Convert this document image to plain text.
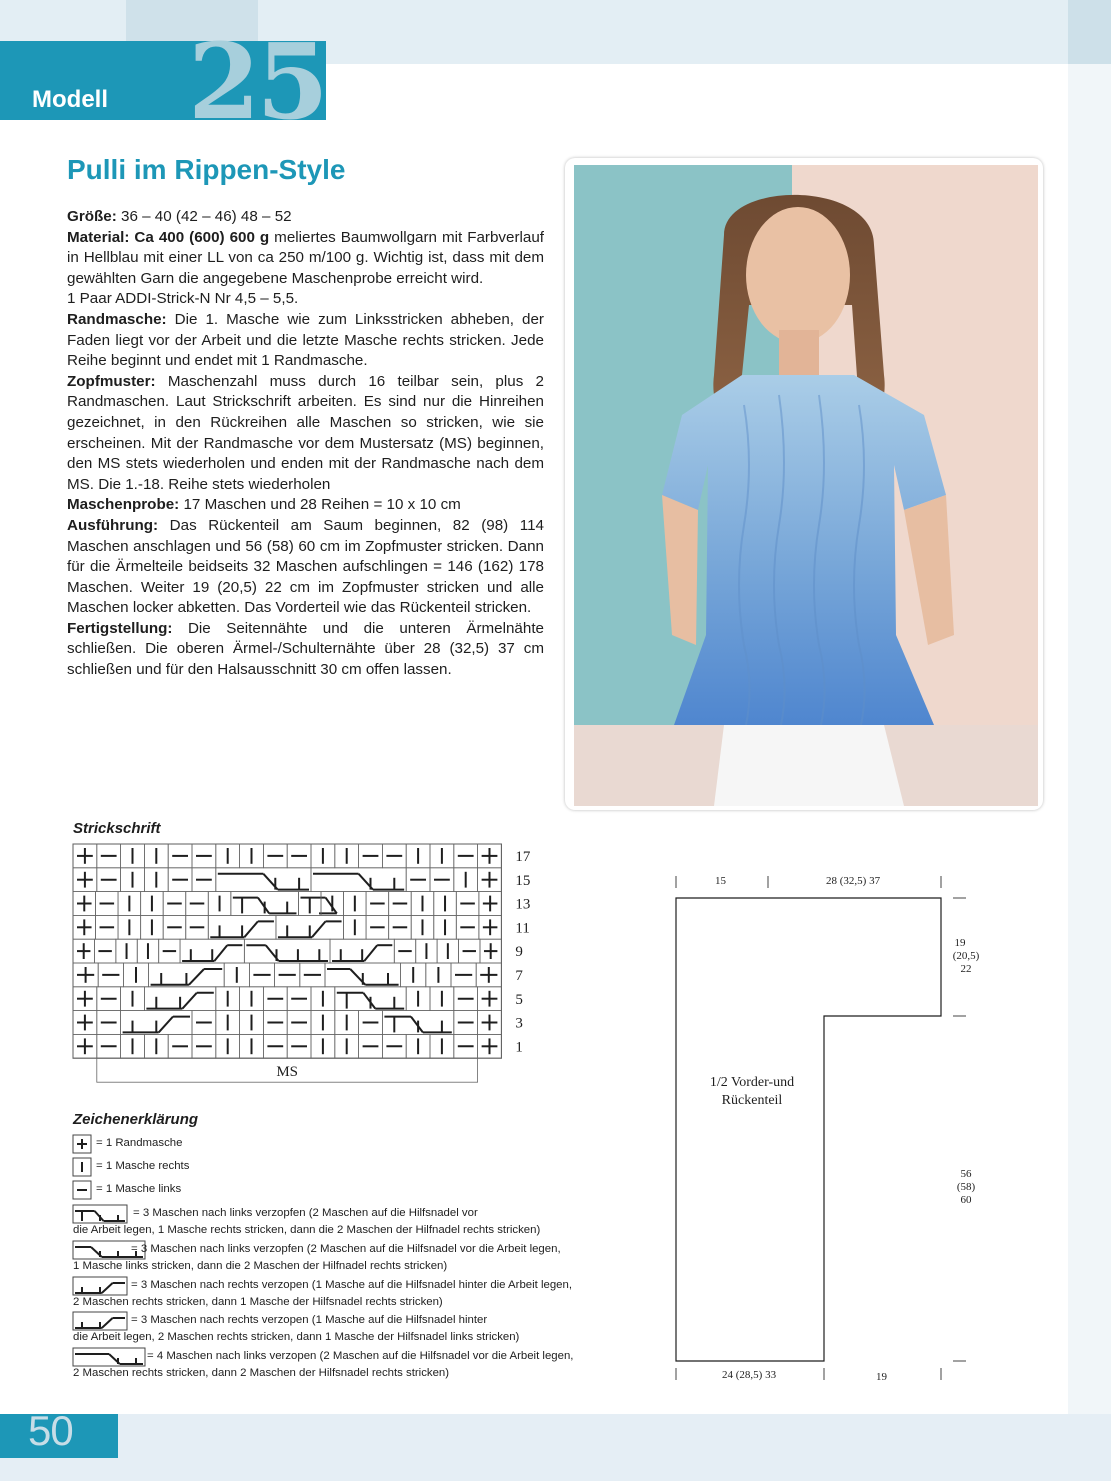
Modell 25
Pulli im Rippen-Style

Größe: 36 – 40 (42 – 46) 48 – 52

Material: Ca 400 (600) 600 g meliertes Baumwollgarn mit Farbverlauf in Hellblau mit einer LL von ca 250 m/100 g. Wichtig ist, dass mit dem gewählten Garn die angegebene Maschenprobe erreicht wird.

1 Paar ADDI-Strick-N Nr 4,5 – 5,5.

Randmasche: Die 1. Masche wie zum Linksstricken abheben, der Faden liegt vor der Arbeit und die letzte Masche rechts stricken. Jede Reihe beginnt und endet mit 1 Randmasche.

Zopfmuster: Maschenzahl muss durch 16 teilbar sein, plus 2 Randmaschen. Laut Strickschrift arbeiten. Es sind nur die Hinreihen gezeichnet, in den Rückreihen alle Maschen so stricken, wie sie erscheinen. Mit der Randmasche vor dem Mustersatz (MS) beginnen, den MS stets wiederholen und enden mit der Randmasche nach dem MS. Die 1.-18. Reihe stets wiederholen

Maschenprobe: 17 Maschen und 28 Reihen = 10 x 10 cm

Ausführung: Das Rückenteil am Saum beginnen, 82 (98) 114 Maschen anschlagen und 56 (58) 60 cm im Zopfmuster stricken. Dann für die Ärmelteile beidseits 32 Maschen aufschlingen = 146 (162) 178 Maschen. Weiter 19 (20,5) 22 cm im Zopfmuster stricken und alle Maschen locker abketten. Das Vorderteil wie das Rückenteil stricken.

Fertigstellung: Die Seitennähte und die unteren Ärmelnähte schließen. Die oberen Ärmel-/Schulternähte über 28 (32,5) 37 cm schließen und für den Halsausschnitt 30 cm offen lassen.

Strickschrift
17
15
13
11
9
7
5
3
1
MS
Zeichenerklärung
= 1 Randmasche
= 1 Masche rechts
= 1 Masche links
= 3 Maschen nach links verzopfen (2 Maschen auf die Hilfsnadel vor
die Arbeit legen, 1 Masche rechts stricken, dann die 2 Maschen der Hilfnadel rechts stricken)
= 3 Maschen nach links verzopfen (2 Maschen auf die Hilfsnadel vor die Arbeit legen,
1 Masche links stricken, dann die 2 Maschen der Hilfnadel rechts stricken)
= 3 Maschen nach rechts verzopen (1 Masche auf die Hilfsnadel hinter die Arbeit legen,
2 Maschen rechts stricken, dann 1 Masche der Hilfsnadel rechts stricken)
= 3 Maschen nach rechts verzopen (1 Masche auf die Hilfsnadel hinter
die Arbeit legen, 2 Maschen rechts stricken, dann 1 Masche der Hilfsnadel links stricken)
= 4 Maschen nach links verzopen (2 Maschen auf die Hilfsnadel vor die Arbeit legen,
2 Maschen rechts stricken, dann 2 Maschen der Hilfsnadel rechts stricken)
15	28 (32,5) 37
19
(20,5)
22
56
(58)
60
24 (28,5) 33	19
1/2 Vorder-und
Rückenteil
50
